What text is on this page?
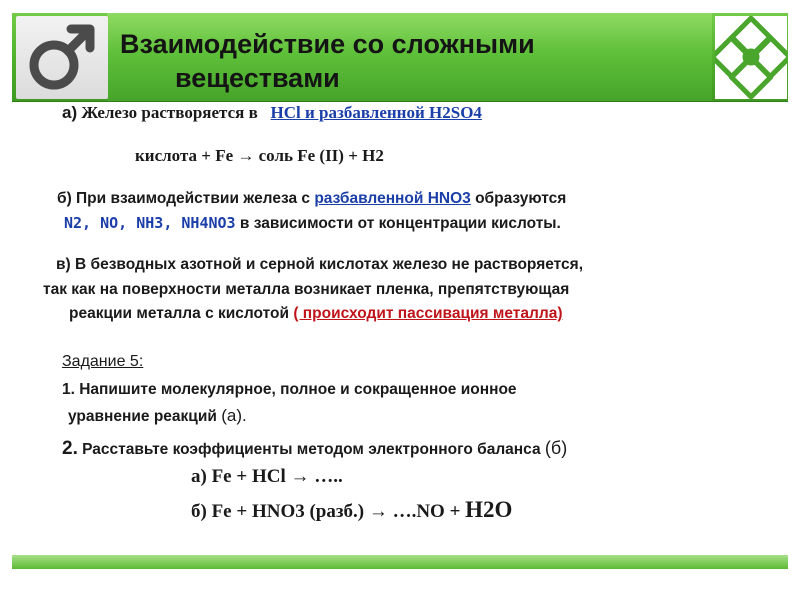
Взаимодействие со сложными
веществами
а) Железо растворяется в HCl и разбавленной H2SO4
кислота + Fe → соль Fe (II) + H2
б) При взаимодействии железа с разбавленной HNO3 образуются
N2, NO, NH3, NH4NO3 в зависимости от концентрации кислоты.
в) В безводных азотной и серной кислотах железо не растворяется,
так как на поверхности металла возникает пленка, препятствующая
реакции металла с кислотой ( происходит пассивация металла)
Задание 5:
1. Напишите молекулярное, полное и сокращенное ионное
уравнение реакций (а).
2. Расставьте коэффициенты методом электронного баланса (б)
а) Fe + HCl → …..
б) Fe + HNO3 (разб.) → ….NO + H2O
